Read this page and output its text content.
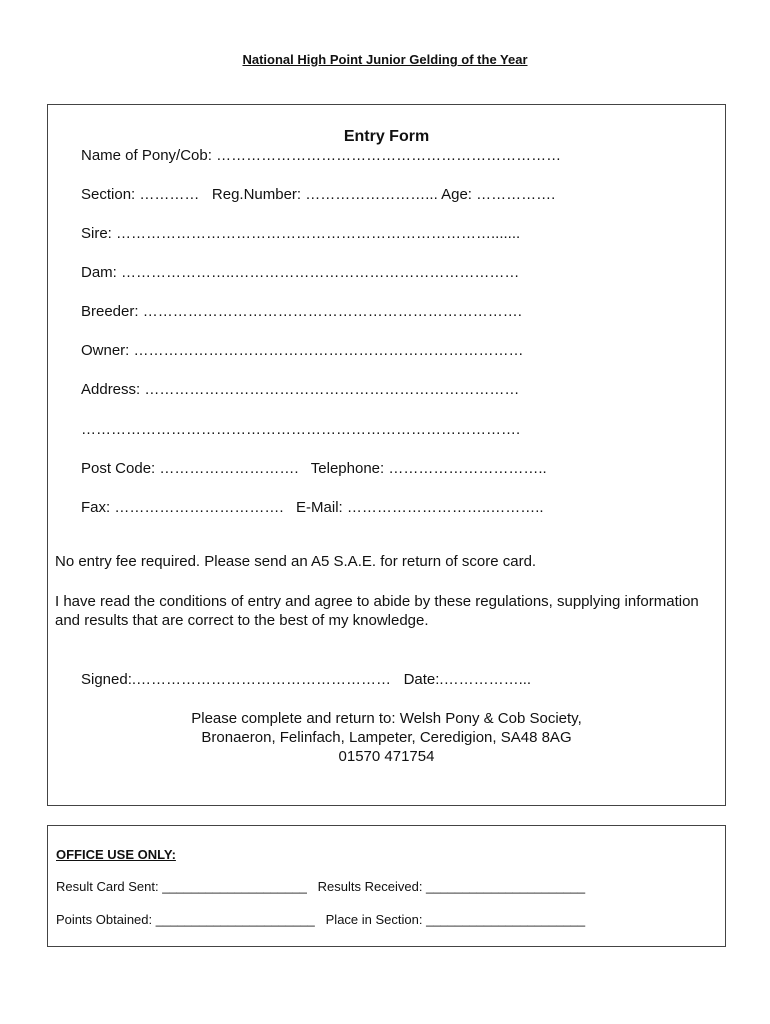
National High Point Junior Gelding of the Year
Entry Form
Name of Pony/Cob: ……………………………………………………………
Section: ………… Reg.Number: ……………………... Age: …………….
Sire: ………………………………………………………………….......
Dam: …………………..…………………………………………………
Breeder: ………………………………………………………………….
Owner: ……………………………………………………………………
Address: …………………………………………………………………
…………………………………………………………………………….
Post Code: ………………………. Telephone: …………………………..
Fax: ……………………………. E-Mail: ………………………..………..
No entry fee required. Please send an A5 S.A.E. for return of score card.
I have read the conditions of entry and agree to abide by these regulations, supplying information and results that are correct to the best of my knowledge.
Signed:.…………………………………………… Date:.……………...
Please complete and return to: Welsh Pony & Cob Society,
Bronaeron, Felinfach, Lampeter, Ceredigion, SA48 8AG
01570 471754
OFFICE USE ONLY:
Result Card Sent: ____________________ Results Received: ______________________
Points Obtained: ______________________ Place in Section: ______________________
